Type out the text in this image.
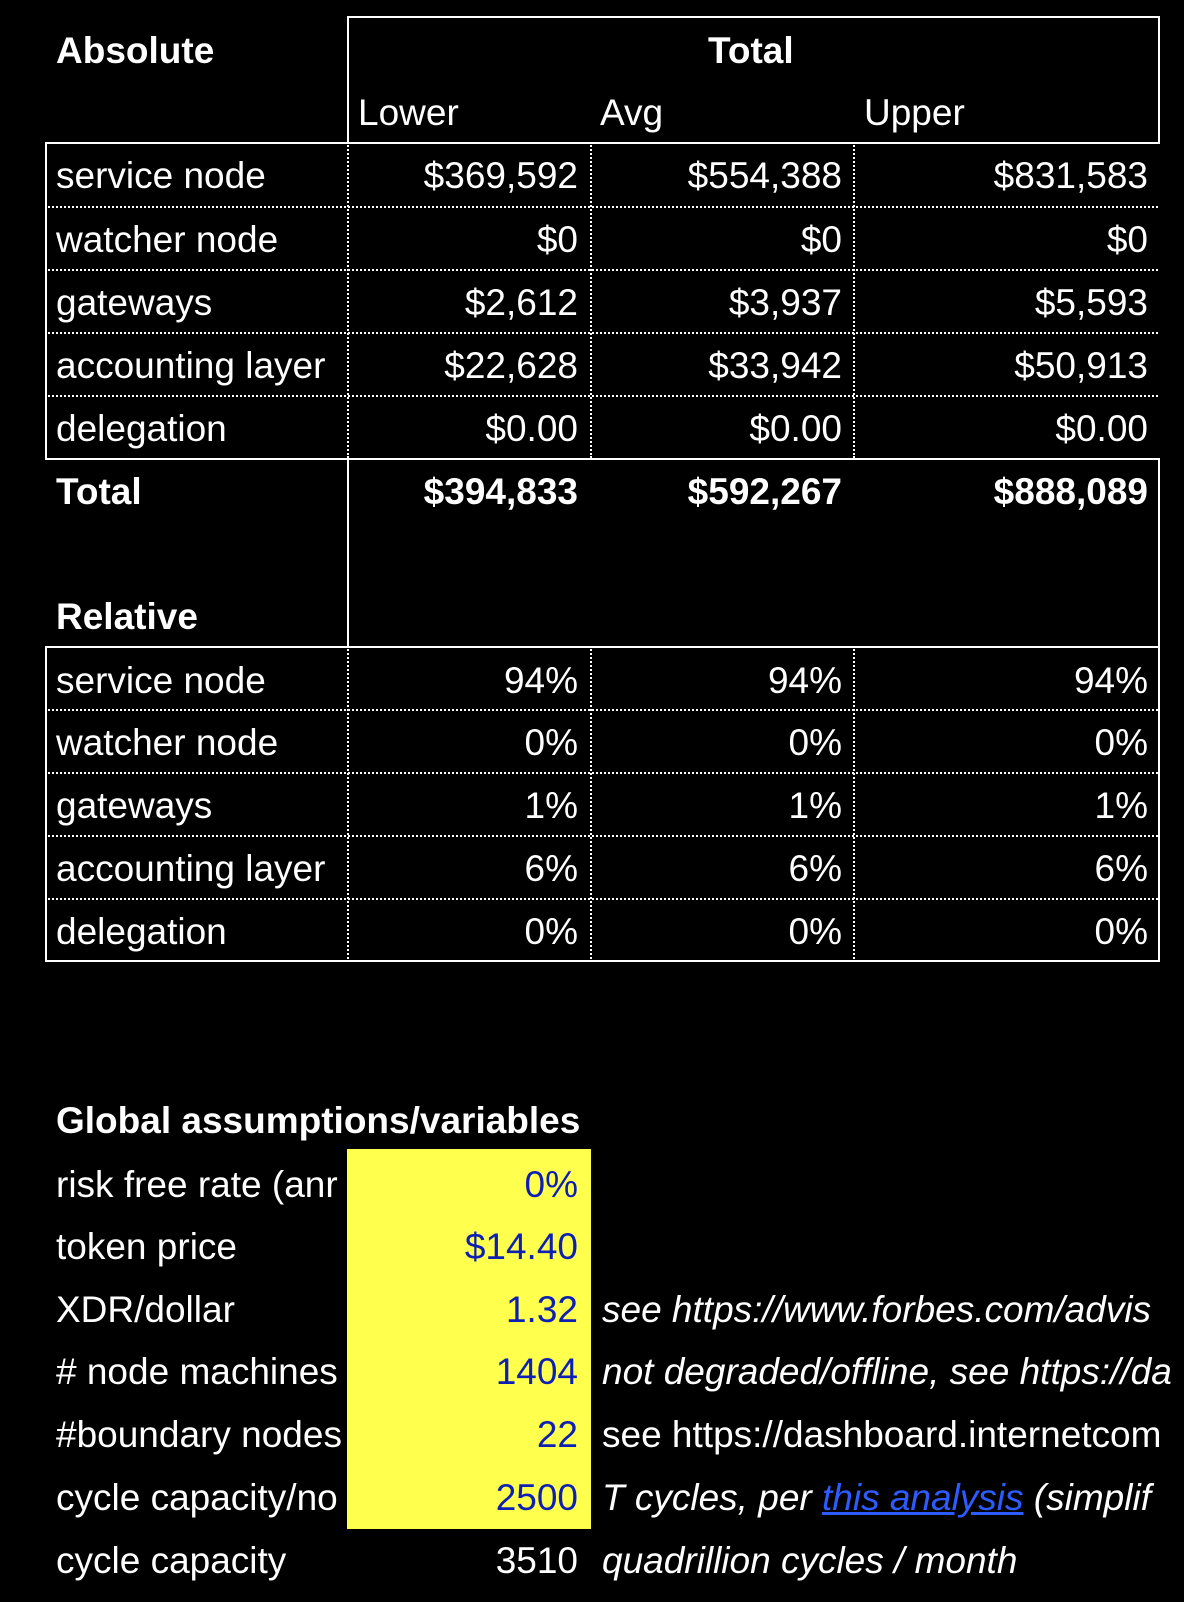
Absolute	Total
Lower	Avg	Upper
service node	$369,592	$554,388	$831,583
watcher node	$0	$0	$0
gateways	$2,612	$3,937	$5,593
accounting layer	$22,628	$33,942	$50,913
delegation	$0.00	$0.00	$0.00
Total	$394,833	$592,267	$888,089
Relative
service node	94%	94%	94%
watcher node	0%	0%	0%
gateways	1%	1%	1%
accounting layer	6%	6%	6%
delegation	0%	0%	0%
Global assumptions/variables
risk free rate (anr	0%
token price	$14.40
XDR/dollar	1.32 see https://www.forbes.com/advis
# node machines	1404 not degraded/offline, see https://da
#boundary nodes	22 see https://dashboard.internetcom
cycle capacity/no	2500 T cycles, per this analysis (simplif
cycle capacity	3510 quadrillion cycles / month
